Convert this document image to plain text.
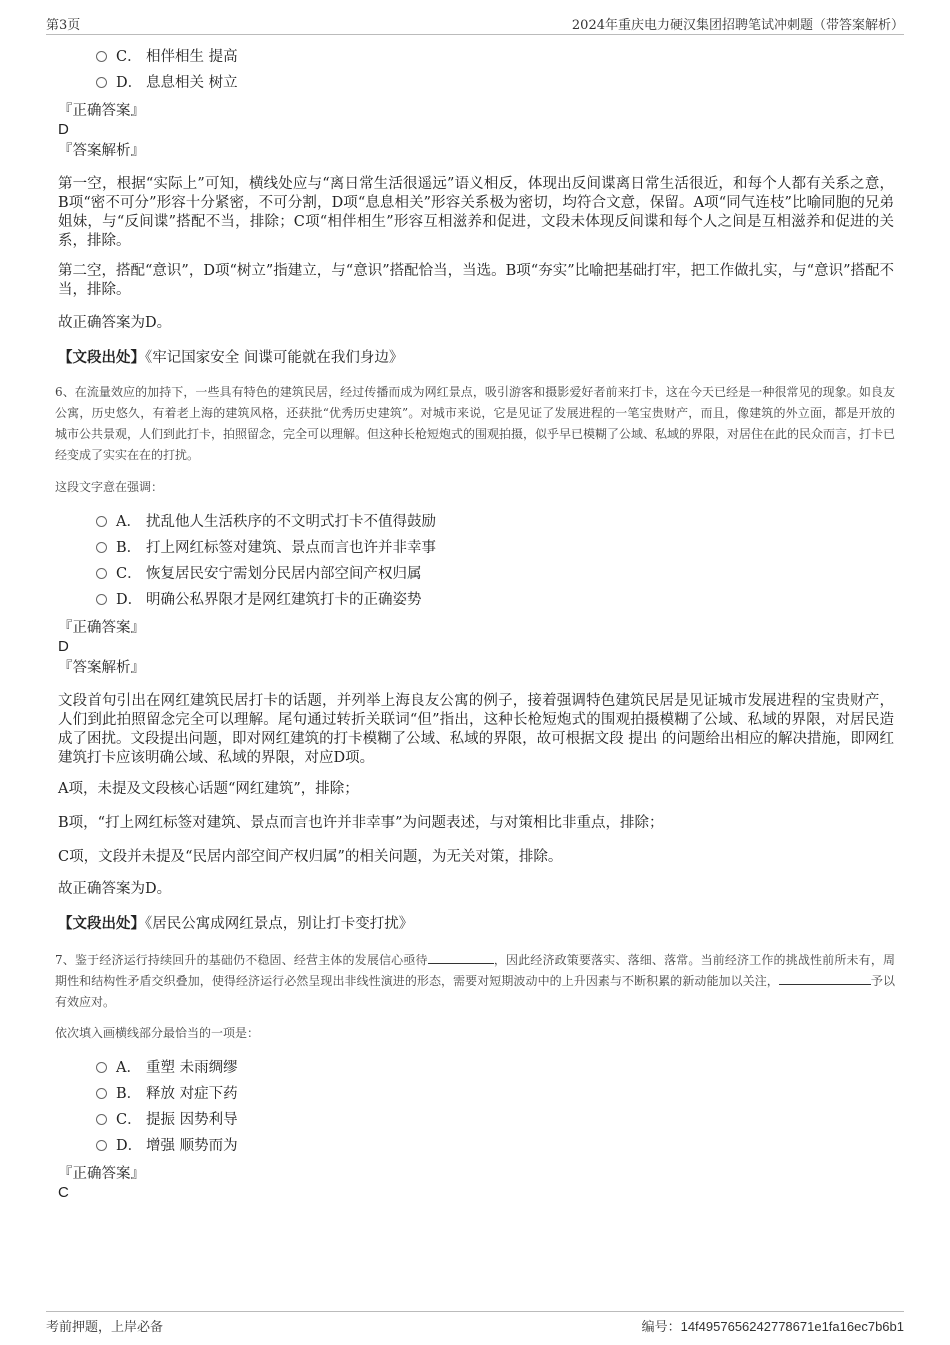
第3页	2024年重庆电力硬汉集团招聘笔试冲刺题（带答案解析）
C． 相伴相生 提高
D． 息息相关 树立
『正确答案』
D
『答案解析』
第一空，根据“实际上”可知，横线处应与“离日常生活很遥远”语义相反，体现出反间谍离日常生活很近，和每个人都有关系之意，B项“密不可分”形容十分紧密，不可分割，D项“息息相关”形容关系极为密切，均符合文意，保留。A项“同气连枝”比喻同胞的兄弟姐妹，与“反间谍”搭配不当，排除；C项“相伴相生”形容互相滋养和促进，文段未体现反间谍和每个人之间是互相滋养和促进的关系，排除。
第二空，搭配“意识”，D项“树立”指建立，与“意识”搭配恰当，当选。B项“夯实”比喻把基础打牢，把工作做扎实，与“意识”搭配不当，排除。
故正确答案为D。
【文段出处】《牢记国家安全 间谍可能就在我们身边》
6、在流量效应的加持下，一些具有特色的建筑民居，经过传播而成为网红景点，吸引游客和摄影爱好者前来打卡，这在今天已经是一种很常见的现象。如良友公寓，历史悠久，有着老上海的建筑风格，还获批“优秀历史建筑”。对城市来说，它是见证了发展进程的一笔宝贵财产，而且，像建筑的外立面，都是开放的城市公共景观，人们到此打卡，拍照留念，完全可以理解。但这种长枪短炮式的围观拍摄，似乎早已模糊了公域、私域的界限，对居住在此的民众而言，打卡已经变成了实实在在的打扰。
这段文字意在强调：
A． 扰乱他人生活秩序的不文明式打卡不值得鼓励
B． 打上网红标签对建筑、景点而言也许并非幸事
C． 恢复居民安宁需划分民居内部空间产权归属
D． 明确公私界限才是网红建筑打卡的正确姿势
『正确答案』
D
『答案解析』
文段首句引出在网红建筑民居打卡的话题，并列举上海良友公寓的例子，接着强调特色建筑民居是见证城市发展进程的宝贵财产，人们到此拍照留念完全可以理解。尾句通过转折关联词“但”指出，这种长枪短炮式的围观拍摄模糊了公域、私域的界限，对居民造成了困扰。文段提出问题，即对网红建筑的打卡模糊了公域、私域的界限，故可根据文段 提出 的问题给出相应的解决措施，即网红建筑打卡应该明确公域、私域的界限，对应D项。
A项，未提及文段核心话题“网红建筑”，排除；
B项，“打上网红标签对建筑、景点而言也许并非幸事”为问题表述，与对策相比非重点，排除；
C项，文段并未提及“民居内部空间产权归属”的相关问题，为无关对策，排除。
故正确答案为D。
【文段出处】《居民公寓成网红景点，别让打卡变打扰》
7、鉴于经济运行持续回升的基础仍不稳固、经营主体的发展信心亟待	，因此经济政策要落实、落细、落常。当前经济工作的挑战性前所未有，周期性和结构性矛盾交织叠加，使得经济运行必然呈现出非线性演进的形态，需要对短期波动中的上升因素与不断积累的新动能加以关注，	予以有效应对。
依次填入画横线部分最恰当的一项是：
A． 重塑 未雨绸缪
B． 释放 对症下药
C． 提振 因势利导
D． 增强 顺势而为
『正确答案』
C
考前押题，上岸必备	编号：14f4957656242778671e1fa16ec7b6b1
